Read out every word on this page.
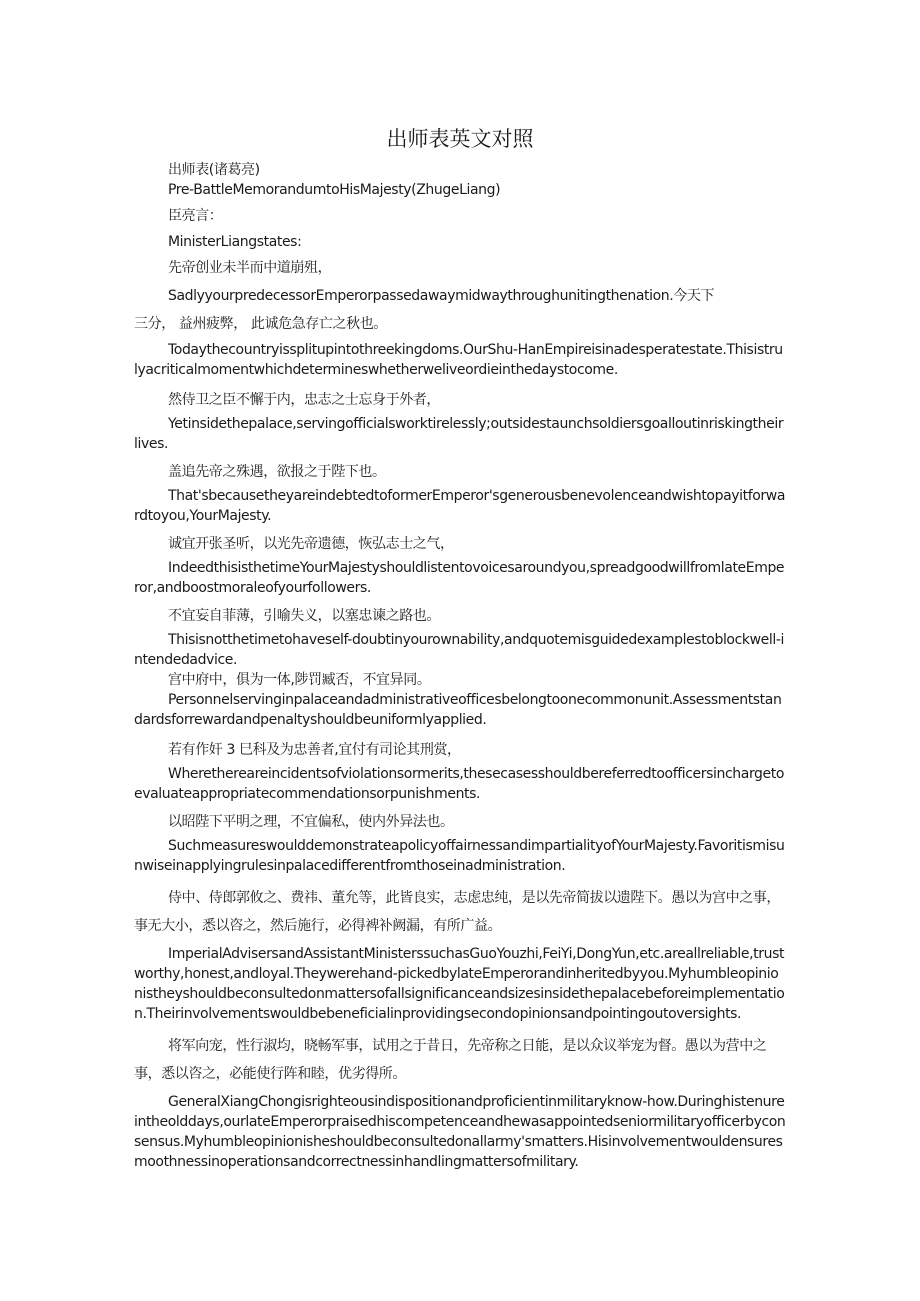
出师表英文对照

出师表(诸葛亮)

Pre-BattleMemorandumtoHisMajesty(ZhugeLiang)

臣亮言：

MinisterLiangstates:

先帝创业未半而中道崩殂，

SadlyyourpredecessorEmperorpassedawaymidwaythroughunitingthenation.今天下

三分， 益州疲弊， 此诚危急存亡之秋也。

Todaythecountryissplitupintothreekingdoms.OurShu-HanEmpireisinadesperatestate.Thisistrulyacriticalmomentwhichdetermineswhetherweliveordieinthedaystocome.

然侍卫之臣不懈于内，忠志之士忘身于外者，

Yetinsidethepalace,servingofficialsworktirelessly;outsidestaunchsoldiersgoalloutinriskingtheirlives.

盖追先帝之殊遇，欲报之于陛下也。

That'sbecausetheyareindebtedtoformerEmperor'sgenerousbenevolenceandwishtopayitforwardtoyou,YourMajesty.

诚宜开张圣听，以光先帝遗德，恢弘志士之气，

IndeedthisisthetimeYourMajestyshouldlistentovoicesaroundyou,spreadgoodwillfromlateEmperor,andboostmoraleofyourfollowers.

不宜妄自菲薄，引喻失义，以塞忠谏之路也。

Thisisnotthetimetohaveself-doubtinyourownability,andquotemisguidedexamplestoblockwell-intendedadvice.

宫中府中，俱为一体,陟罚臧否，不宜异同。

Personnelservinginpalaceandadministrativeofficesbelongtoonecommonunit.Assessmentstandardsforrewardandpenaltyshouldbeuniformlyapplied.

若有作奸 3 巳科及为忠善者,宜付有司论其刑赏，

Wherethereareincidentsofviolationsormerits,thesecasesshouldbereferredtoofficersinchargetoevaluateappropriatecommendationsorpunishments.

以昭陛下平明之理，不宜偏私，使内外异法也。

SuchmeasureswoulddemonstrateapolicyoffairnessandimpartialityofYourMajesty.Favoritismisunwiseinapplyingrulesinpalacedifferentfromthoseinadministration.

侍中、侍郎郭攸之、费祎、董允等，此皆良实，志虑忠纯，是以先帝简拔以遗陛下。愚以为宫中之事，事无大小，悉以咨之，然后施行，必得裨补阙漏，有所广益。

ImperialAdvisersandAssistantMinisterssuchasGuoYouzhi,FeiYi,DongYun,etc.areallreliable,trustworthy,honest,andloyal.Theywerehand-pickedbylateEmperorandinheritedbyyou.Myhumbleopinionistheyshouldbeconsultedonmattersofallsignificanceandsizesinsidethepalacebeforeimplementation.Theirinvolvementswouldbebeneficialinprovidingsecondopinionsandpointingoutoversights.

将军向宠，性行淑均，晓畅军事，试用之于昔日，先帝称之日能，是以众议举宠为督。愚以为营中之事，悉以咨之，必能使行阵和睦，优劣得所。

GeneralXiangChongisrighteousindispositionandproficientinmilitaryknow-how.Duringhistenureintheolddays,ourlateEmperorpraisedhiscompetenceandhewasappointedseniormilitaryofficerbyconsensus.Myhumbleopinionisheshouldbeconsultedonallarmy'smatters.Hisinvolvementwouldensuresmoothnessinoperationsandcorrectnessinhandlingmattersofmilitary.
